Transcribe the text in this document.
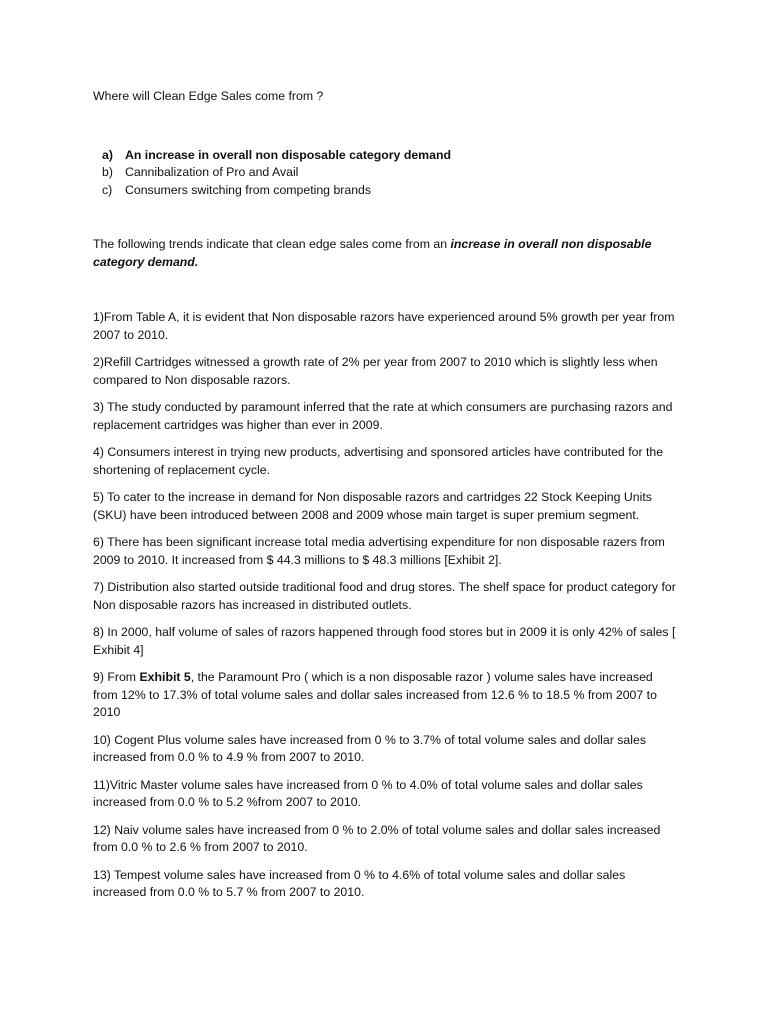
Where will Clean Edge Sales come from ?

a) An increase in overall non disposable category demand
b) Cannibalization of Pro and Avail
c) Consumers switching from competing brands

The following trends indicate that clean edge sales come from an increase in overall non disposable category demand.

1)From Table A, it is evident that Non disposable razors have experienced around 5% growth per year from 2007 to 2010.

2)Refill Cartridges witnessed a growth rate of 2% per year from 2007 to 2010 which is slightly less when compared to Non disposable razors.

3) The study conducted by paramount inferred that the rate at which consumers are purchasing razors and replacement cartridges was higher than ever in 2009.

4) Consumers interest in trying new products, advertising and sponsored articles have contributed for the shortening of replacement cycle.

5) To cater to the increase in demand for Non disposable razors and cartridges 22 Stock Keeping Units (SKU) have been introduced between 2008 and 2009 whose main target is super premium segment.

6) There has been significant increase total media advertising expenditure for non disposable razers from 2009 to 2010. It increased from $ 44.3 millions to $ 48.3 millions [Exhibit 2].

7) Distribution also started outside traditional food and drug stores. The shelf space for product category for Non disposable razors has increased in distributed outlets.

8) In 2000, half volume of sales of razors happened through food stores but in 2009 it is only 42% of sales [ Exhibit 4]

9) From Exhibit 5, the Paramount Pro ( which is a non disposable razor ) volume sales have increased from 12% to 17.3% of total volume sales and dollar sales increased from 12.6 % to 18.5 % from 2007 to 2010

10) Cogent Plus volume sales have increased from 0 % to 3.7% of total volume sales and dollar sales increased from 0.0 % to 4.9 % from 2007 to 2010.

11)Vitric Master volume sales have increased from 0 % to 4.0% of total volume sales and dollar sales increased from 0.0 % to 5.2 %from 2007 to 2010.

12) Naiv volume sales have increased from 0 % to 2.0% of total volume sales and dollar sales increased from 0.0 % to 2.6 % from 2007 to 2010.

13) Tempest volume sales have increased from 0 % to 4.6% of total volume sales and dollar sales increased from 0.0 % to 5.7 % from 2007 to 2010.
